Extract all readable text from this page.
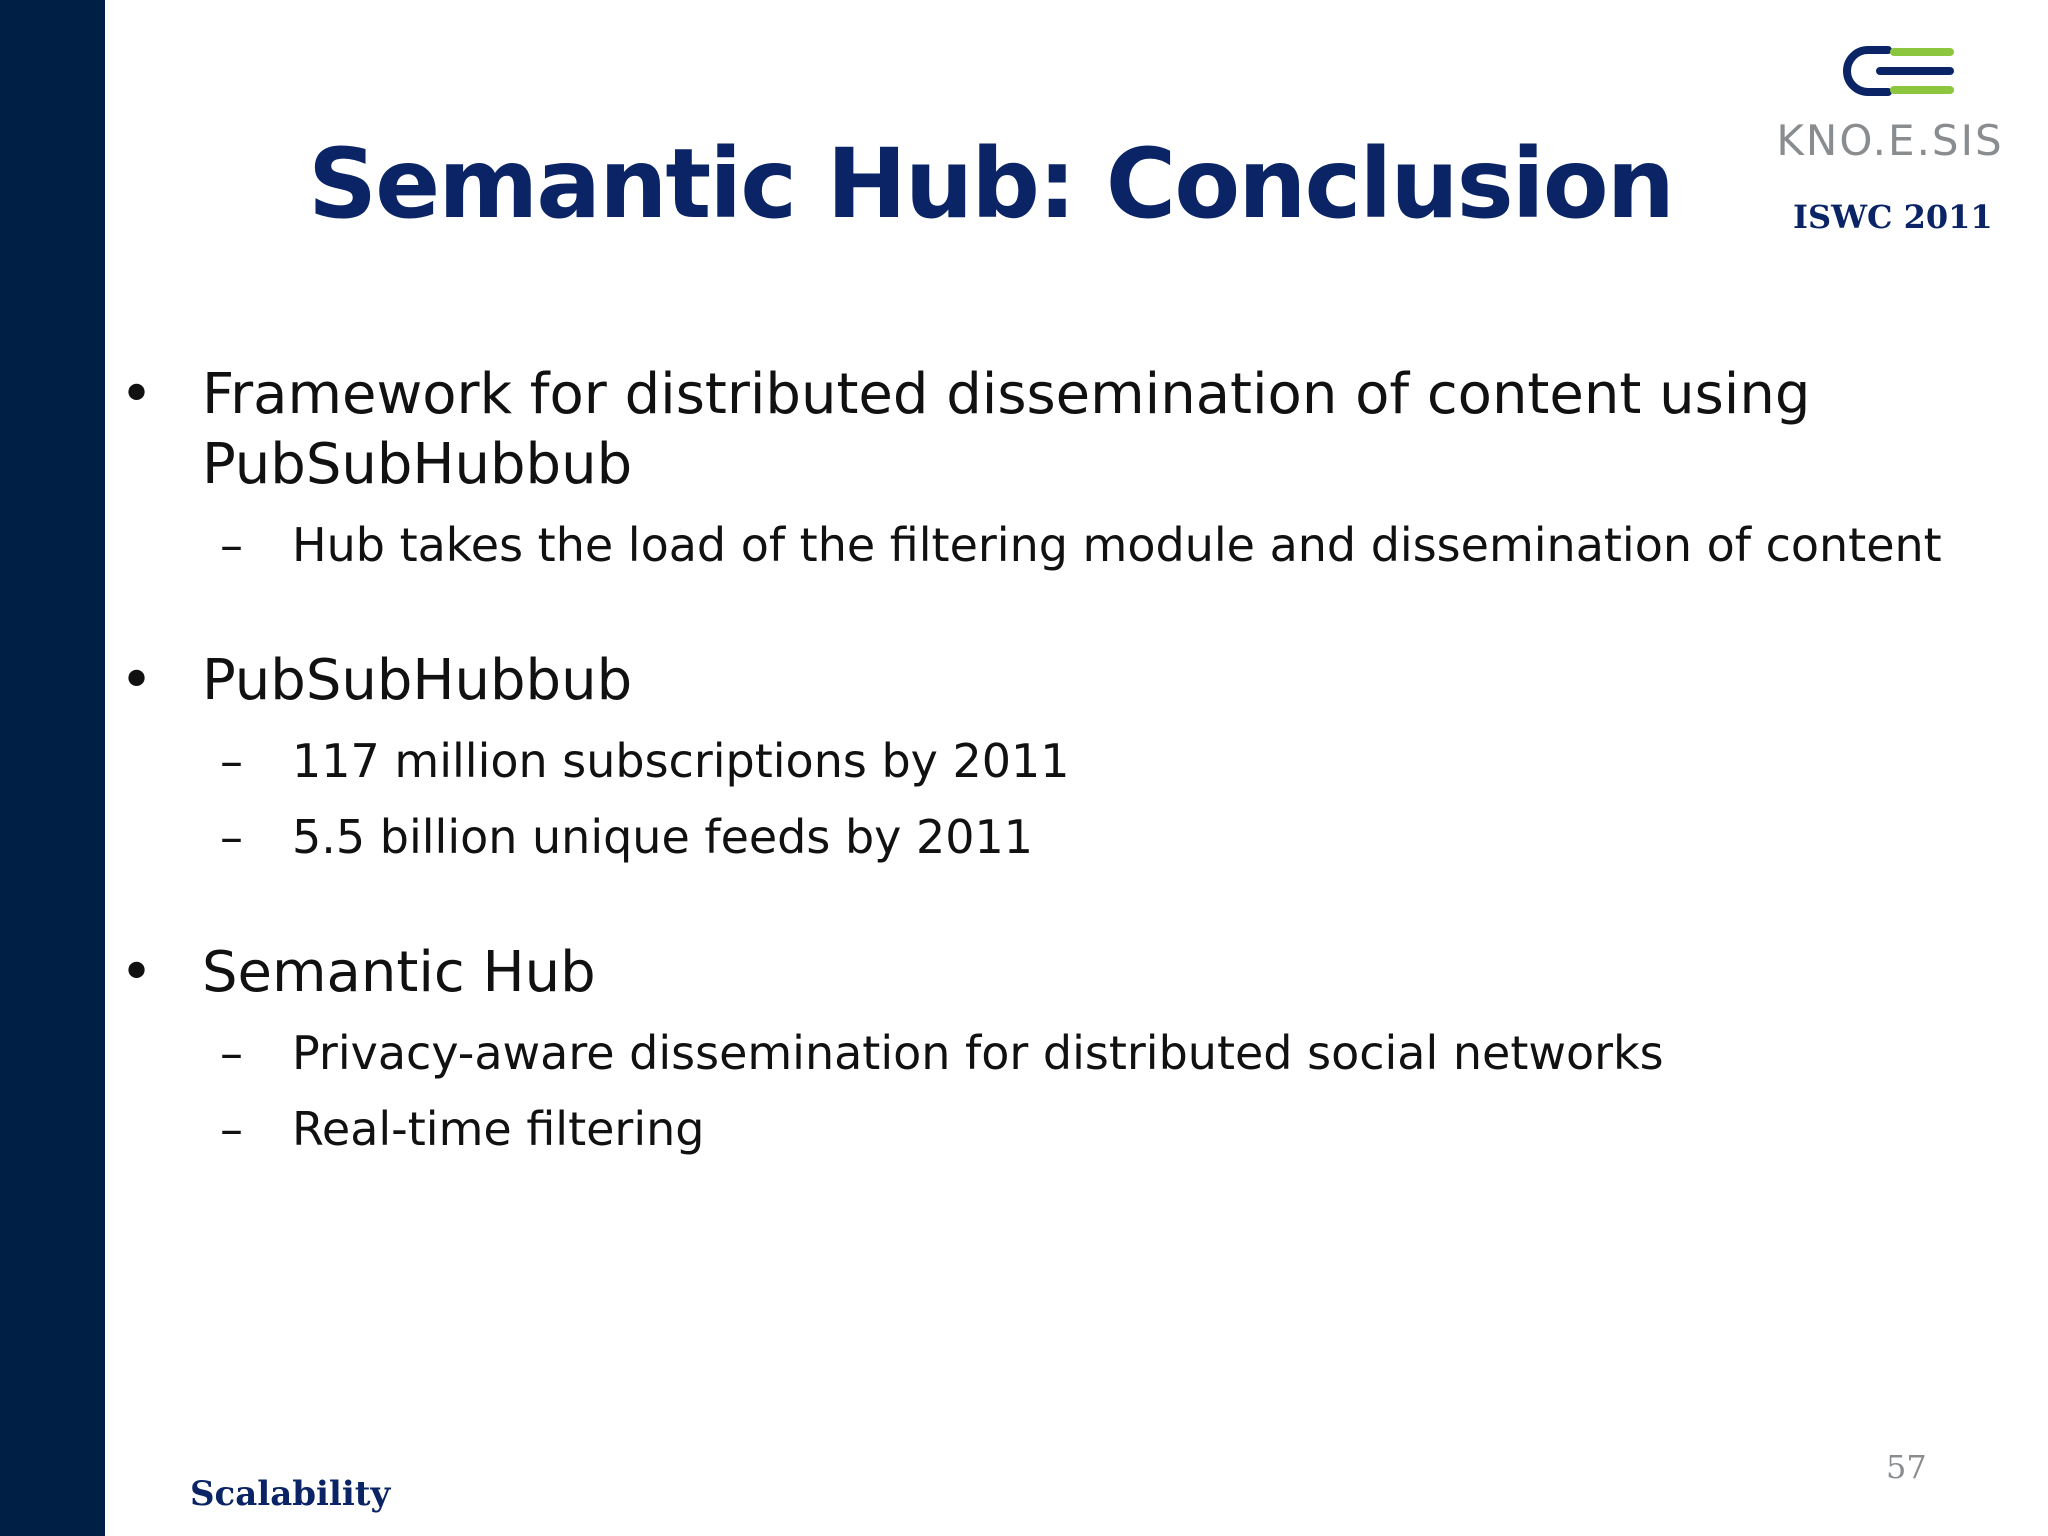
Semantic Hub: Conclusion	KNO.E.SIS
ISWC 2011
• Framework for distributed dissemination of content using PubSubHubbub
– Hub takes the load of the filtering module and dissemination of content
• PubSubHubbub
– 117 million subscriptions by 2011
– 5.5 billion unique feeds by 2011
• Semantic Hub
– Privacy-aware dissemination for distributed social networks
– Real-time filtering
Scalability
57
